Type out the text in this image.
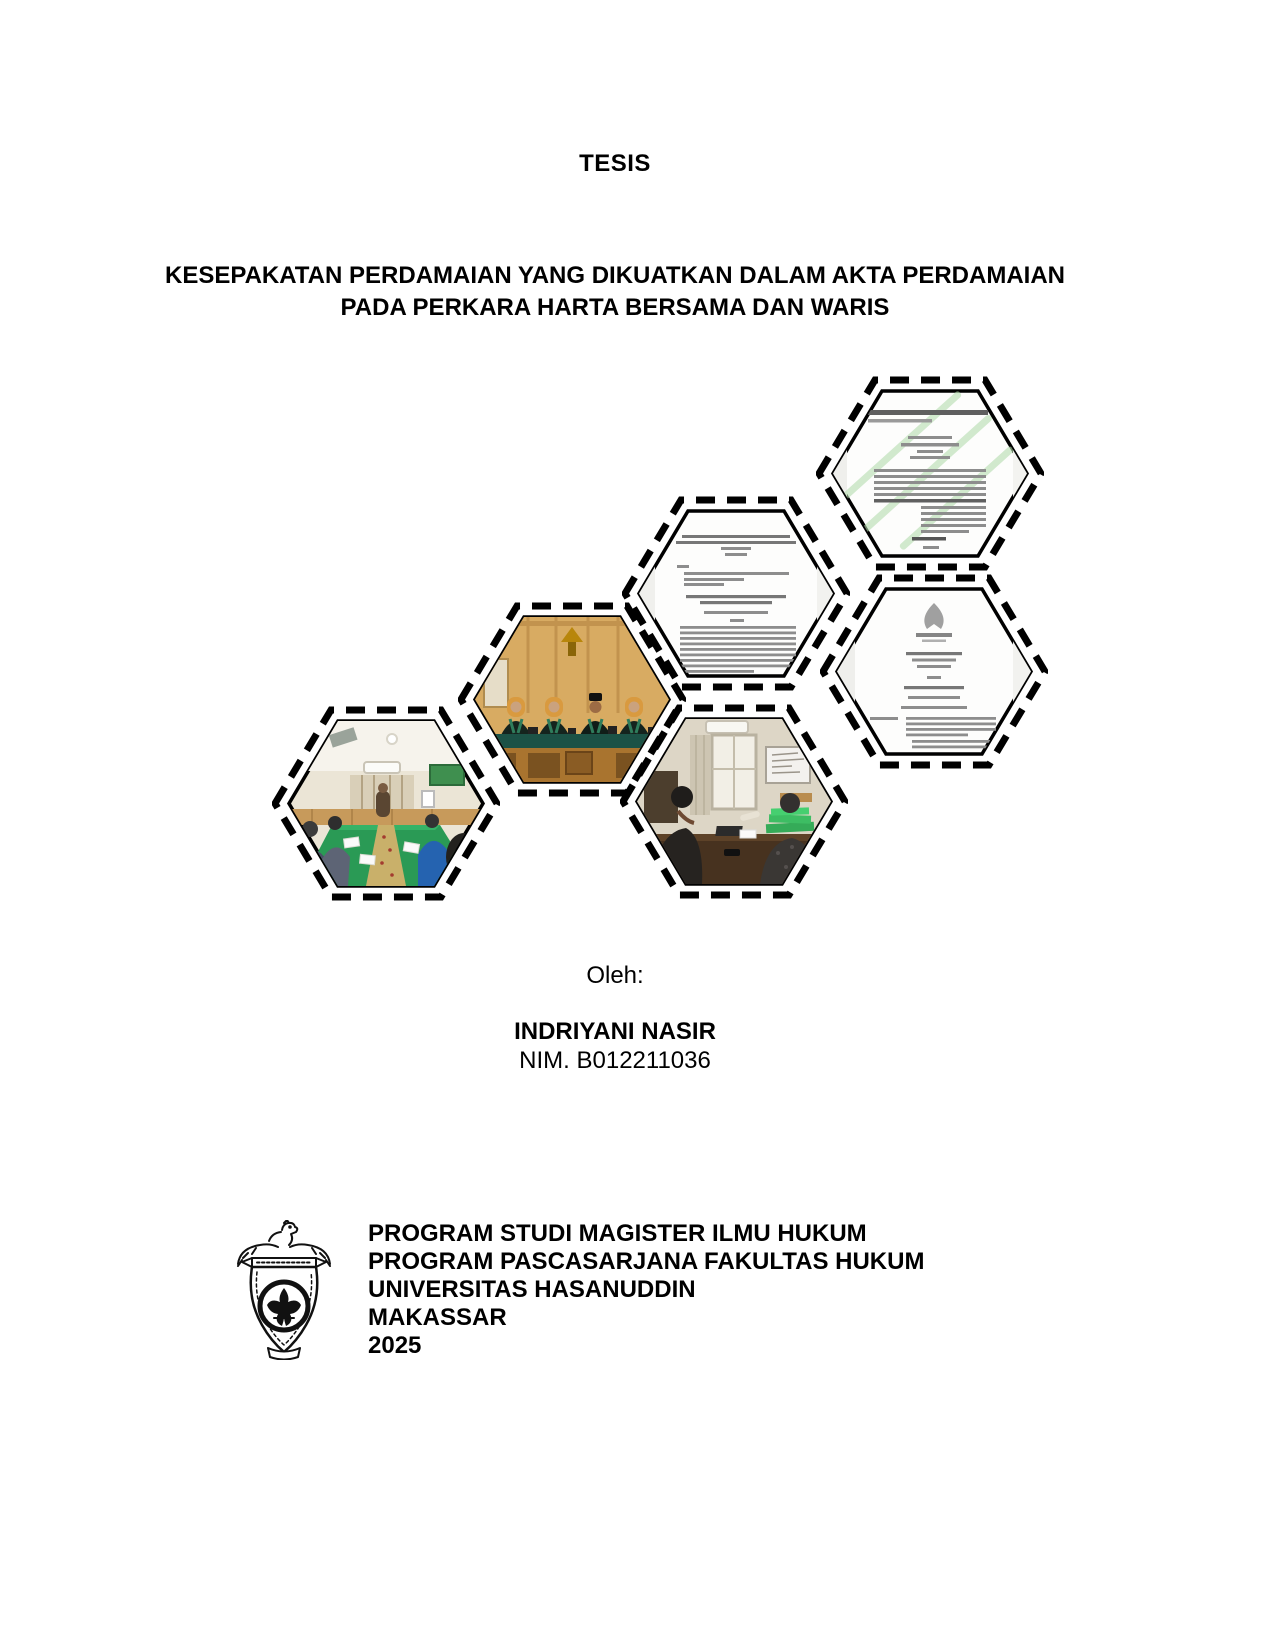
TESIS
KESEPAKATAN PERDAMAIAN YANG DIKUATKAN DALAM AKTA PERDAMAIAN
PADA PERKARA HARTA BERSAMA DAN WARIS
Oleh:
INDRIYANI NASIR
NIM. B012211036
PROGRAM STUDI MAGISTER ILMU HUKUM
PROGRAM PASCASARJANA FAKULTAS HUKUM
UNIVERSITAS HASANUDDIN
MAKASSAR
2025
